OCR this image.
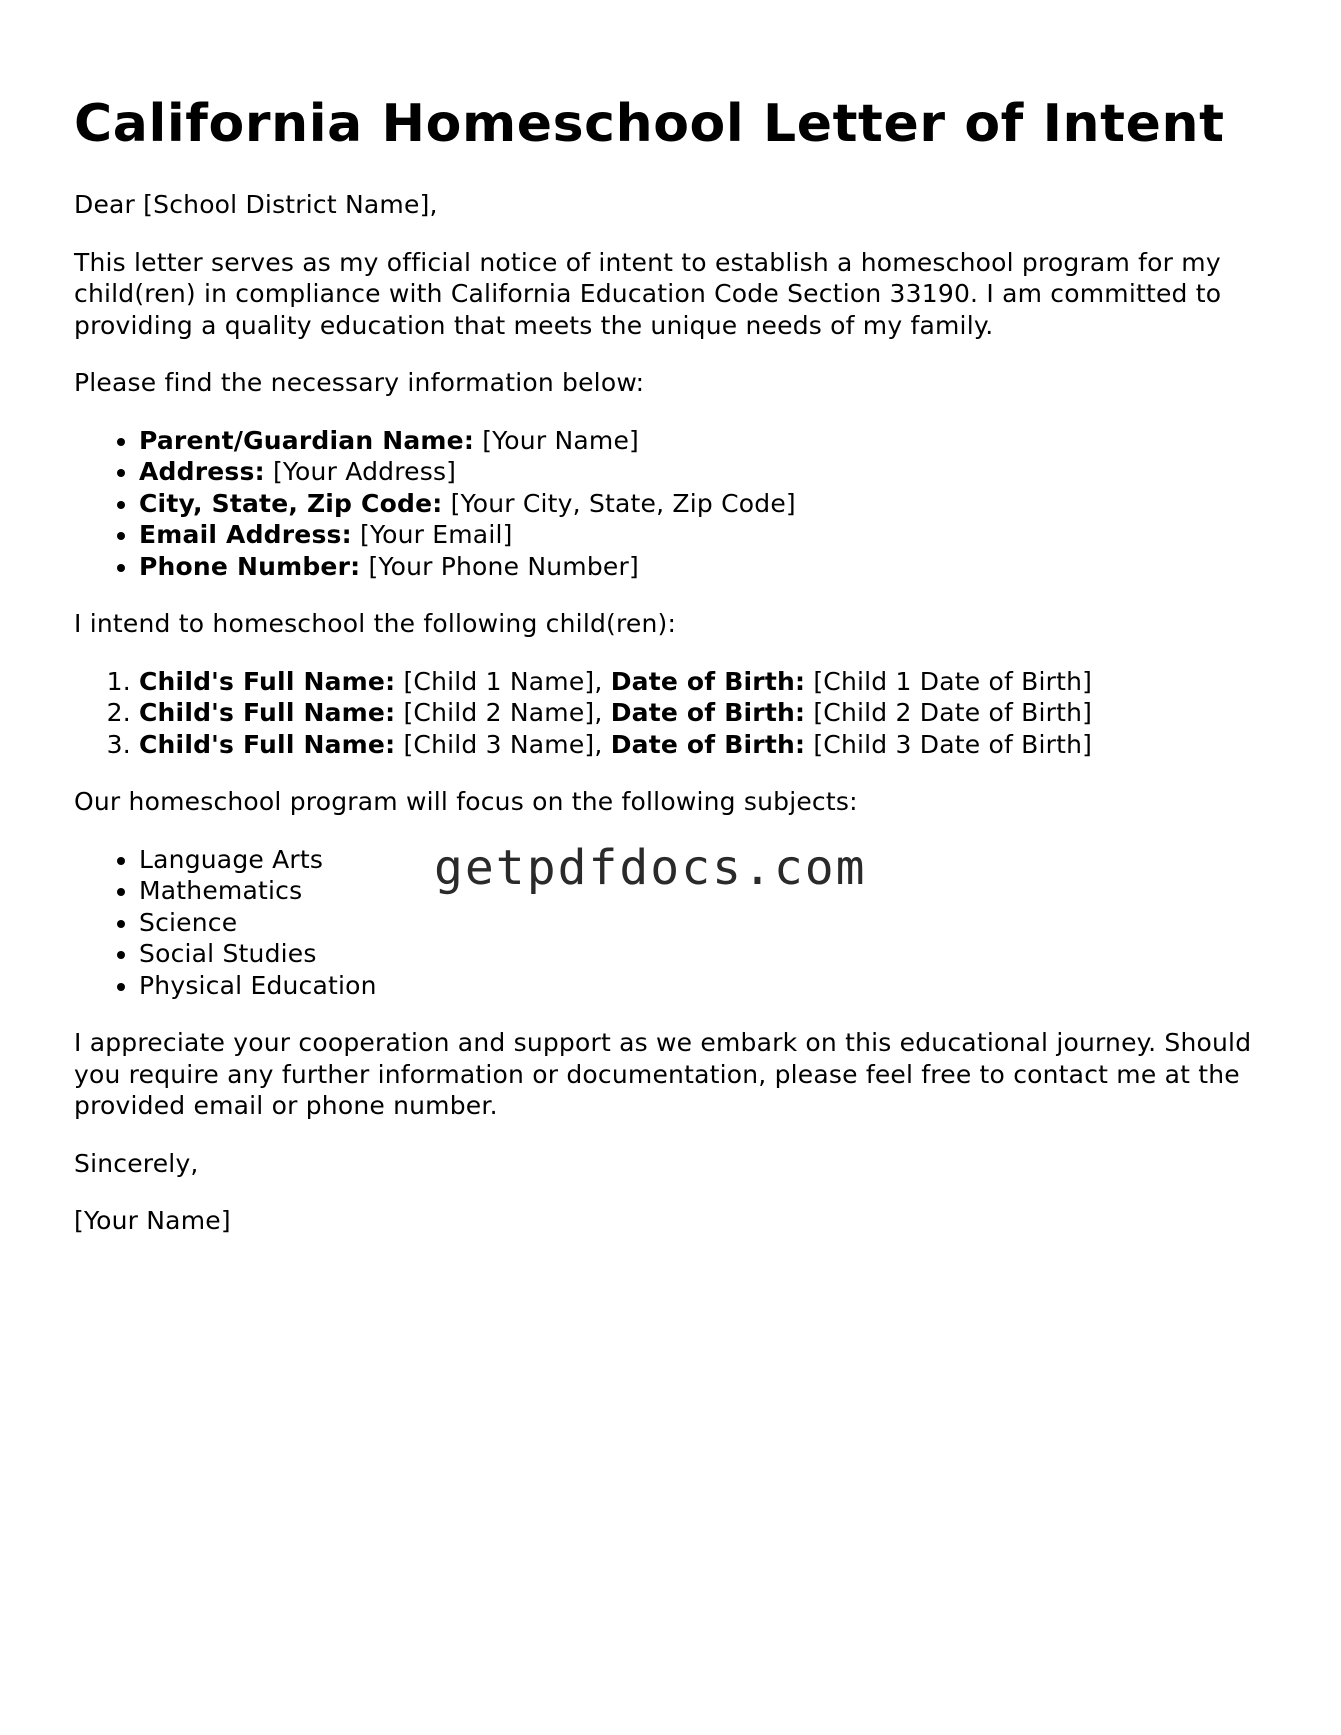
California Homeschool Letter of Intent

Dear [School District Name],

This letter serves as my official notice of intent to establish a homeschool program for my child(ren) in compliance with California Education Code Section 33190. I am committed to providing a quality education that meets the unique needs of my family.

Please find the necessary information below:

• Parent/Guardian Name: [Your Name]
• Address: [Your Address]
• City, State, Zip Code: [Your City, State, Zip Code]
• Email Address: [Your Email]
• Phone Number: [Your Phone Number]

I intend to homeschool the following child(ren):

1. Child's Full Name: [Child 1 Name], Date of Birth: [Child 1 Date of Birth]
2. Child's Full Name: [Child 2 Name], Date of Birth: [Child 2 Date of Birth]
3. Child's Full Name: [Child 3 Name], Date of Birth: [Child 3 Date of Birth]

Our homeschool program will focus on the following subjects:

• Language Arts
• Mathematics
• Science
• Social Studies
• Physical Education

I appreciate your cooperation and support as we embark on this educational journey. Should you require any further information or documentation, please feel free to contact me at the provided email or phone number.

Sincerely,

[Your Name]

getpdfdocs.com
